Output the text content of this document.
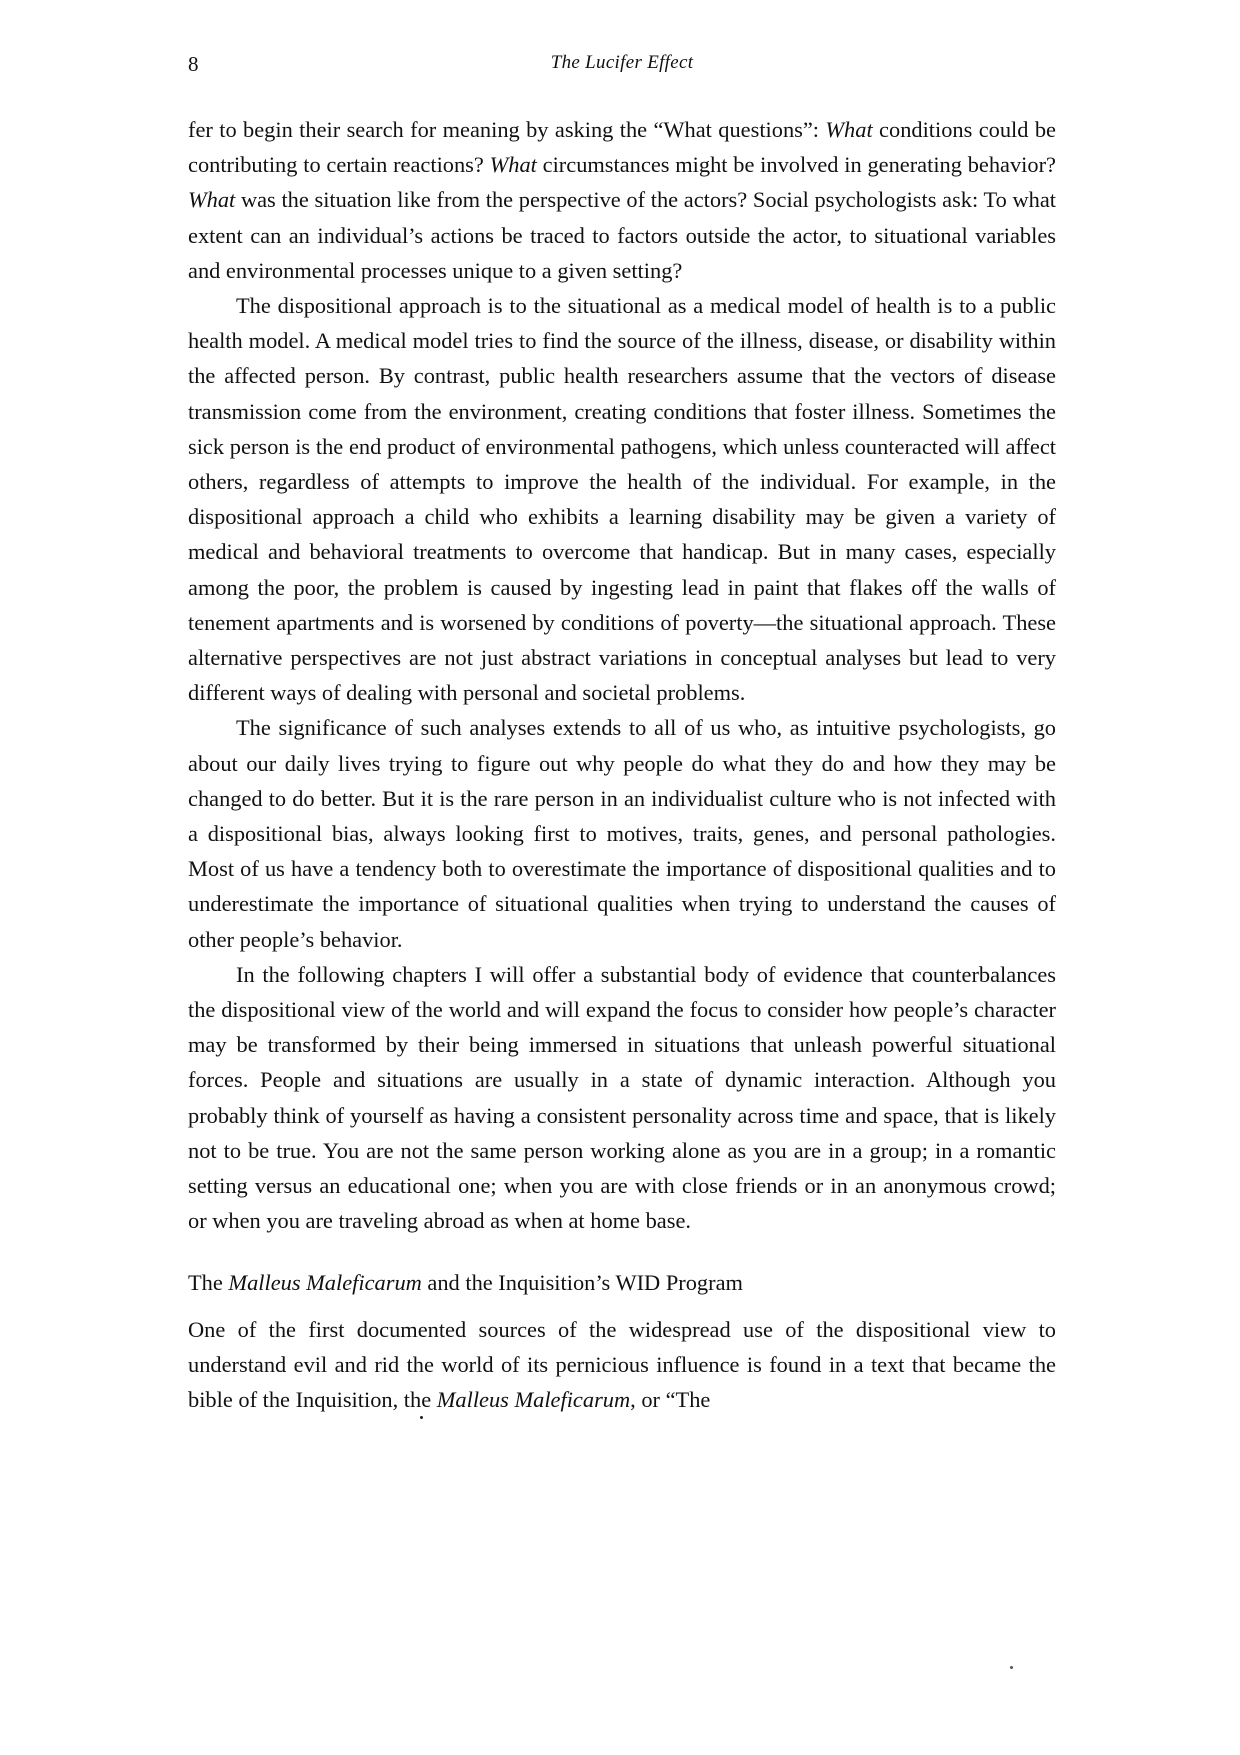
8	The Lucifer Effect

fer to begin their search for meaning by asking the “What questions”: What conditions could be contributing to certain reactions? What circumstances might be involved in generating behavior? What was the situation like from the perspective of the actors? Social psychologists ask: To what extent can an individual’s actions be traced to factors outside the actor, to situational variables and environmental processes unique to a given setting?

The dispositional approach is to the situational as a medical model of health is to a public health model. A medical model tries to find the source of the illness, disease, or disability within the affected person. By contrast, public health researchers assume that the vectors of disease transmission come from the environment, creating conditions that foster illness. Sometimes the sick person is the end product of environmental pathogens, which unless counteracted will affect others, regardless of attempts to improve the health of the individual. For example, in the dispositional approach a child who exhibits a learning disability may be given a variety of medical and behavioral treatments to overcome that handicap. But in many cases, especially among the poor, the problem is caused by ingesting lead in paint that flakes off the walls of tenement apartments and is worsened by conditions of poverty—the situational approach. These alternative perspectives are not just abstract variations in conceptual analyses but lead to very different ways of dealing with personal and societal problems.

The significance of such analyses extends to all of us who, as intuitive psychologists, go about our daily lives trying to figure out why people do what they do and how they may be changed to do better. But it is the rare person in an individualist culture who is not infected with a dispositional bias, always looking first to motives, traits, genes, and personal pathologies. Most of us have a tendency both to overestimate the importance of dispositional qualities and to underestimate the importance of situational qualities when trying to understand the causes of other people’s behavior.

In the following chapters I will offer a substantial body of evidence that counterbalances the dispositional view of the world and will expand the focus to consider how people’s character may be transformed by their being immersed in situations that unleash powerful situational forces. People and situations are usually in a state of dynamic interaction. Although you probably think of yourself as having a consistent personality across time and space, that is likely not to be true. You are not the same person working alone as you are in a group; in a romantic setting versus an educational one; when you are with close friends or in an anonymous crowd; or when you are traveling abroad as when at home base.

The Malleus Maleficarum and the Inquisition’s WID Program

One of the first documented sources of the widespread use of the dispositional view to understand evil and rid the world of its pernicious influence is found in a text that became the bible of the Inquisition, the Malleus Maleficarum, or “The
